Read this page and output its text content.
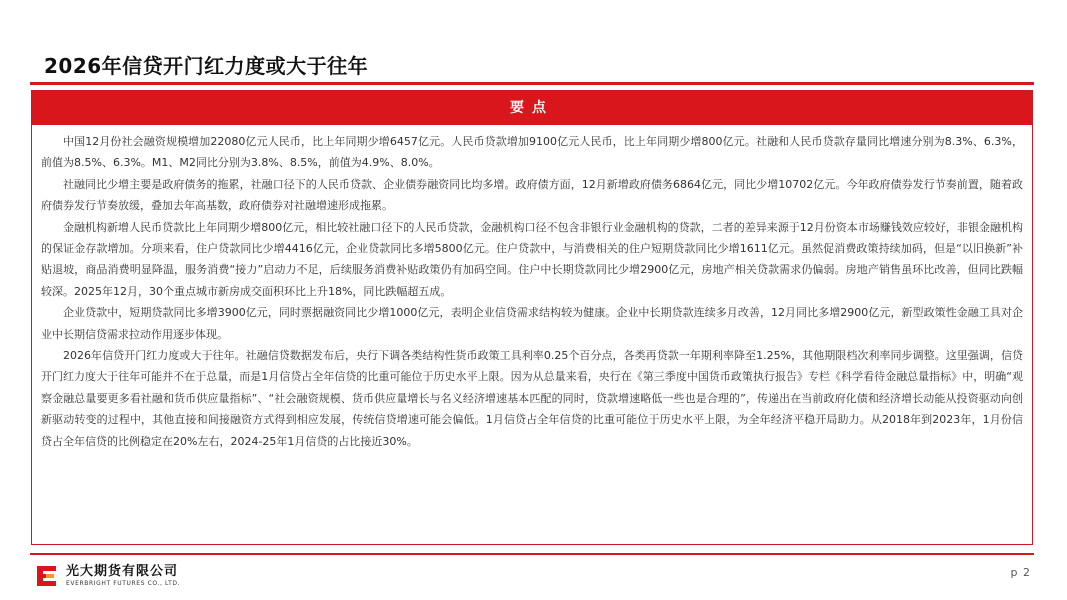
2026年信贷开门红力度或大于往年
要点

中国12月份社会融资规模增加22080亿元人民币，比上年同期少增6457亿元。人民币贷款增加9100亿元人民币，比上年同期少增800亿元。社融和人民币贷款存量同比增速分别为8.3%、6.3%，前值为8.5%、6.3%。M1、M2同比分别为3.8%、8.5%，前值为4.9%、8.0%。

社融同比少增主要是政府债务的拖累，社融口径下的人民币贷款、企业债券融资同比均多增。政府债方面，12月新增政府债务6864亿元，同比少增10702亿元。今年政府债券发行节奏前置，随着政府债券发行节奏放缓，叠加去年高基数，政府债券对社融增速形成拖累。

金融机构新增人民币贷款比上年同期少增800亿元，相比较社融口径下的人民币贷款，金融机构口径不包含非银行业金融机构的贷款，二者的差异来源于12月份资本市场赚钱效应较好，非银金融机构的保证金存款增加。分项来看，住户贷款同比少增4416亿元，企业贷款同比多增5800亿元。住户贷款中，与消费相关的住户短期贷款同比少增1611亿元。虽然促消费政策持续加码，但是“以旧换新”补贴退坡，商品消费明显降温，服务消费“接力”启动力不足，后续服务消费补贴政策仍有加码空间。住户中长期贷款同比少增2900亿元，房地产相关贷款需求仍偏弱。房地产销售虽环比改善，但同比跌幅较深。2025年12月，30个重点城市新房成交面积环比上升18%，同比跌幅超五成。

企业贷款中，短期贷款同比多增3900亿元，同时票据融资同比少增1000亿元，表明企业信贷需求结构较为健康。企业中长期贷款连续多月改善，12月同比多增2900亿元，新型政策性金融工具对企业中长期信贷需求拉动作用逐步体现。

2026年信贷开门红力度或大于往年。社融信贷数据发布后，央行下调各类结构性货币政策工具利率0.25个百分点，各类再贷款一年期利率降至1.25%，其他期限档次利率同步调整。这里强调，信贷开门红力度大于往年可能并不在于总量，而是1月信贷占全年信贷的比重可能位于历史水平上限。因为从总量来看，央行在《第三季度中国货币政策执行报告》专栏《科学看待金融总量指标》中，明确“观察金融总量要更多看社融和货币供应量指标”、“社会融资规模、货币供应量增长与名义经济增速基本匹配的同时，贷款增速略低一些也是合理的”，传递出在当前政府化债和经济增长动能从投资驱动向创新驱动转变的过程中，其他直接和间接融资方式得到相应发展，传统信贷增速可能会偏低。1月信贷占全年信贷的比重可能位于历史水平上限，为全年经济平稳开局助力。从2018年到2023年，1月份信贷占全年信贷的比例稳定在20%左右，2024-25年1月信贷的占比接近30%。

光大期货有限公司
EVERBRIGHT FUTURES CO., LTD.
p 2
